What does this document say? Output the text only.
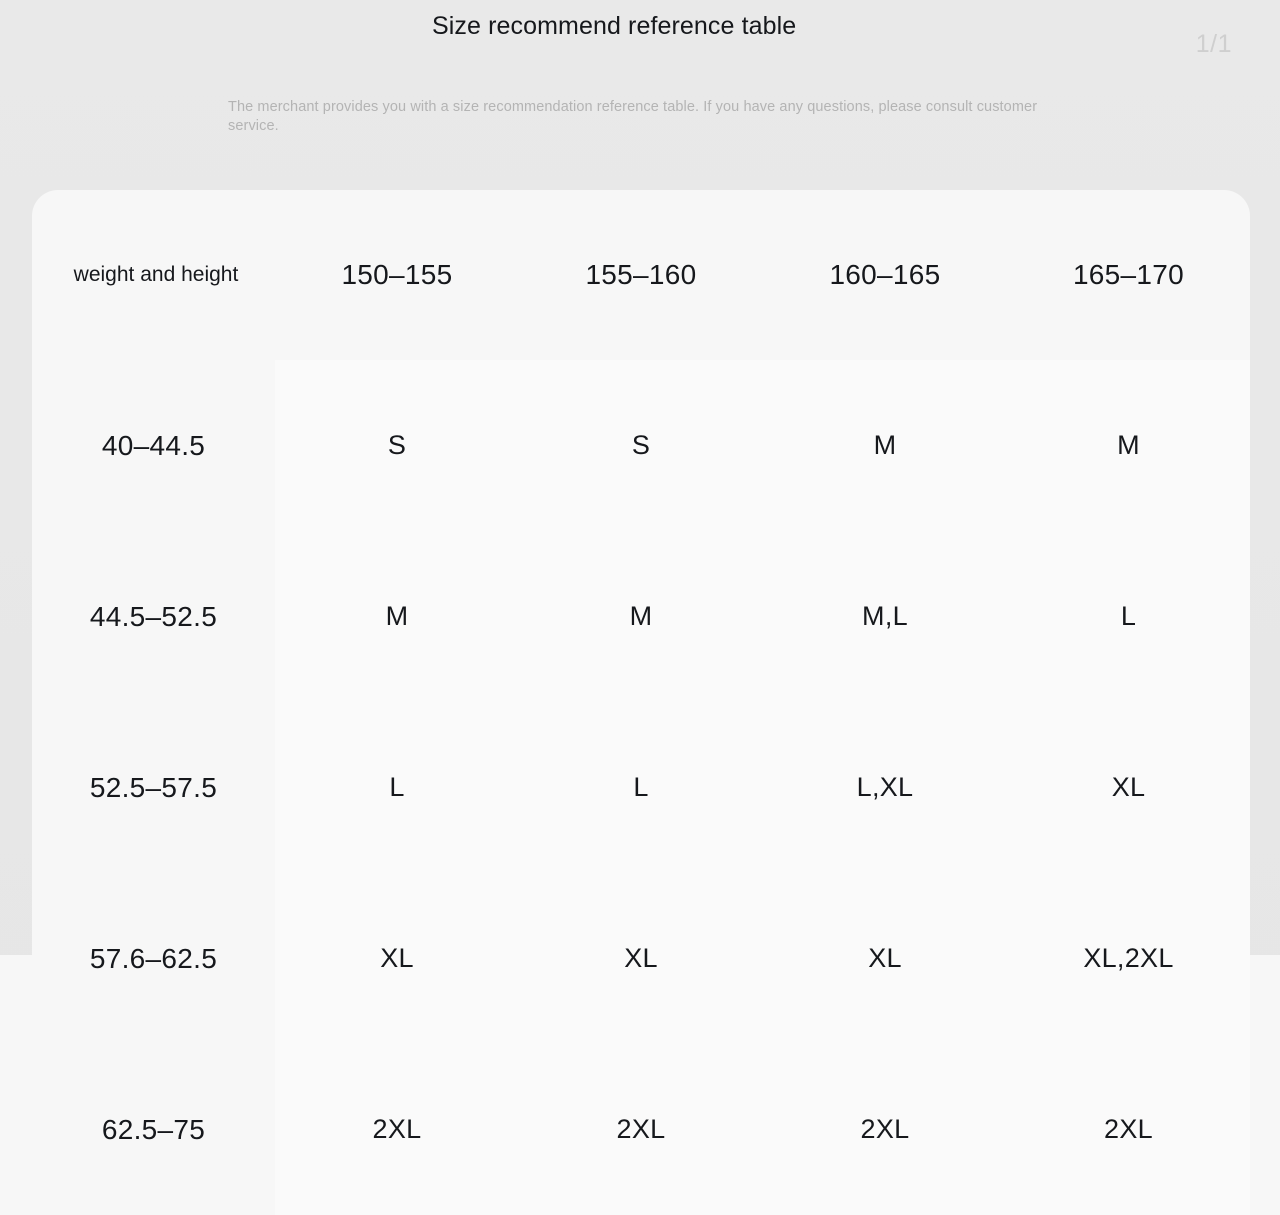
Size recommend reference table
1/1
The merchant provides you with a size recommendation reference table. If you have any questions, please consult customer service.
weight and height	150–155	155–160	160–165	165–170
40–44.5	S	S	M	M
44.5–52.5	M	M	M,L	L
52.5–57.5	L	L	L,XL	XL
57.6–62.5	XL	XL	XL	XL,2XL
62.5–75	2XL	2XL	2XL	2XL
